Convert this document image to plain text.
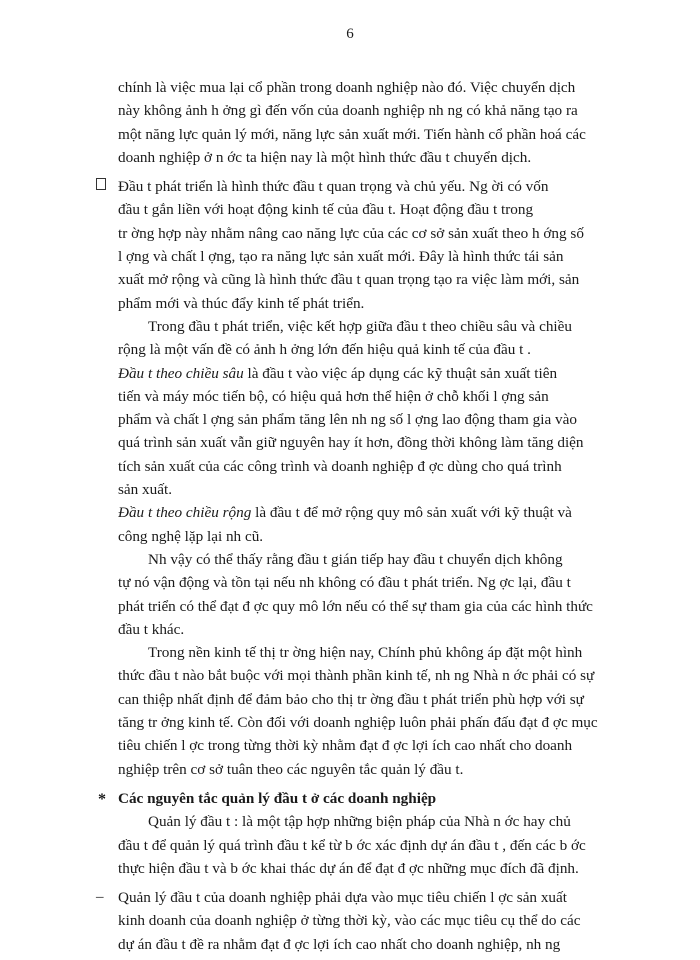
6

chính là việc mua lại cổ phần trong doanh nghiệp nào đó. Việc chuyển dịch
này không ảnh h ởng gì đến vốn của doanh nghiệp nh ng có khả năng tạo ra
một năng lực quản lý mới, năng lực sản xuất mới. Tiến hành cổ phần hoá các
doanh nghiệp ở n ớc ta hiện nay là một hình thức đầu t chuyển dịch.

Đầu t phát triển là hình thức đầu t quan trọng và chủ yếu. Ng ời có vốn
đầu t gắn liền với hoạt động kinh tế của đầu t. Hoạt động đầu t trong
tr ờng hợp này nhằm nâng cao năng lực của các cơ sở sản xuất theo h ớng số
l ợng và chất l ợng, tạo ra năng lực sản xuất mới. Đây là hình thức tái sản
xuất mở rộng và cũng là hình thức đầu t quan trọng tạo ra việc làm mới, sản
phẩm mới và thúc đẩy kinh tế phát triển.

Trong đầu t phát triển, việc kết hợp giữa đầu t theo chiều sâu và chiều
rộng là một vấn đề có ảnh h ởng lớn đến hiệu quả kinh tế của đầu t .

Đầu t theo chiều sâu là đầu t vào việc áp dụng các kỹ thuật sản xuất tiên
tiến và máy móc tiến bộ, có hiệu quả hơn thể hiện ở chỗ khối l ợng sản
phẩm và chất l ợng sản phẩm tăng lên nh ng số l ợng lao động tham gia vào
quá trình sản xuất vẫn giữ nguyên hay ít hơn, đồng thời không làm tăng diện
tích sản xuất của các công trình và doanh nghiệp đ ợc dùng cho quá trình
sản xuất.

Đầu t theo chiều rộng là đầu t để mở rộng quy mô sản xuất với kỹ thuật và
công nghệ lặp lại nh cũ.

Nh vậy có thể thấy rằng đầu t gián tiếp hay đầu t chuyển dịch không
tự nó vận động và tồn tại nếu nh không có đầu t phát triển. Ng ợc lại, đầu t
phát triển có thể đạt đ ợc quy mô lớn nếu có thể sự tham gia của các hình thức
đầu t khác.

Trong nền kinh tế thị tr ờng hiện nay, Chính phủ không áp đặt một hình
thức đầu t nào bắt buộc với mọi thành phần kinh tế, nh ng Nhà n ớc phải có sự
can thiệp nhất định để đảm bảo cho thị tr ờng đầu t phát triển phù hợp với sự
tăng tr ởng kinh tế. Còn đối với doanh nghiệp luôn phải phấn đấu đạt đ ợc mục
tiêu chiến l ợc trong từng thời kỳ nhằm đạt đ ợc lợi ích cao nhất cho doanh
nghiệp trên cơ sở tuân theo các nguyên tắc quản lý đầu t.

* Các nguyên tắc quản lý đầu t ở các doanh nghiệp

Quản lý đầu t : là một tập hợp những biện pháp của Nhà n ớc hay chủ
đầu t để quản lý quá trình đầu t kể từ b ớc xác định dự án đầu t , đến các b ớc
thực hiện đầu t và b ớc khai thác dự án để đạt đ ợc những mục đích đã định.

– Quản lý đầu t của doanh nghiệp phải dựa vào mục tiêu chiến l ợc sản xuất
kinh doanh của doanh nghiệp ở từng thời kỳ, vào các mục tiêu cụ thể do các
dự án đầu t đề ra nhằm đạt đ ợc lợi ích cao nhất cho doanh nghiệp, nh ng
